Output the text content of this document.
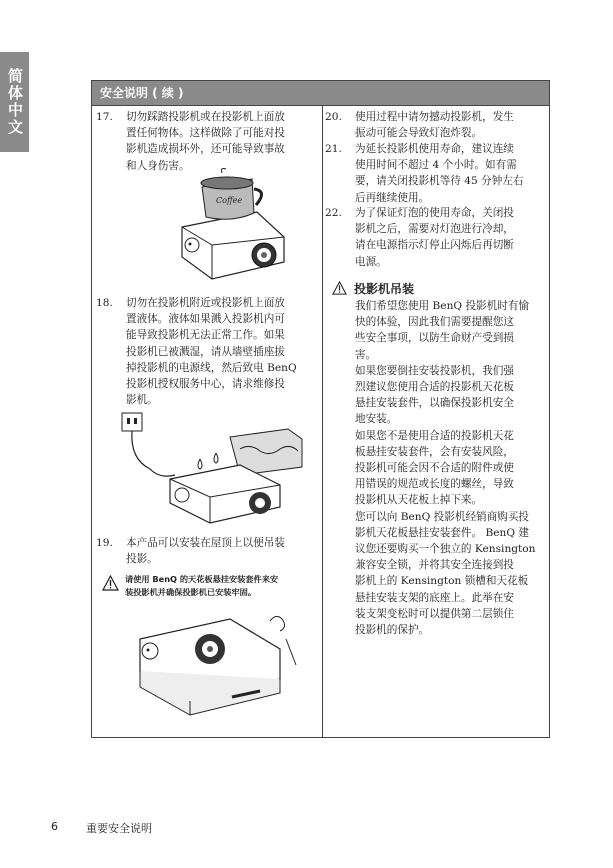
简体中文	安全说明 ( 续 )
17. 切勿踩踏投影机或在投影机上面放
置任何物体。这样做除了可能对投
影机造成损坏外，还可能导致事故
和人身伤害。
Coffee
18. 切勿在投影机附近或投影机上面放
置液体。液体如果溅入投影机内可
能导致投影机无法正常工作。如果
投影机已被溅湿，请从墙壁插座拔
掉投影机的电源线，然后致电 BenQ
投影机授权服务中心，请求维修投
影机。
19. 本产品可以安装在屋顶上以便吊装
投影。
请使用 BenQ 的天花板悬挂安装套件来安
装投影机并确保投影机已安装牢固。
20. 使用过程中请勿撼动投影机，发生
振动可能会导致灯泡炸裂。
21. 为延长投影机使用寿命，建议连续
使用时间不超过 4 个小时。如有需
要，请关闭投影机等待 45 分钟左右
后再继续使用。
22. 为了保证灯泡的使用寿命，关闭投
影机之后，需要对灯泡进行冷却，
请在电源指示灯停止闪烁后再切断
电源。
投影机吊装
我们希望您使用 BenQ 投影机时有愉
快的体验，因此我们需要提醒您这
些安全事项，以防生命财产受到损
害。
如果您要倒挂安装投影机，我们强
烈建议您使用合适的投影机天花板
悬挂安装套件，以确保投影机安全
地安装。
如果您不是使用合适的投影机天花
板悬挂安装套件，会有安装风险，
投影机可能会因不合适的附件或使
用错误的规范或长度的螺丝，导致
投影机从天花板上掉下来。
您可以向 BenQ 投影机经销商购买投
影机天花板悬挂安装套件。 BenQ 建
议您还要购买一个独立的 Kensington
兼容安全锁，并将其安全连接到投
影机上的 Kensington 锁槽和天花板
悬挂安装支架的底座上。此举在安
装支架变松时可以提供第二层锁住
投影机的保护。
6	重要安全说明
